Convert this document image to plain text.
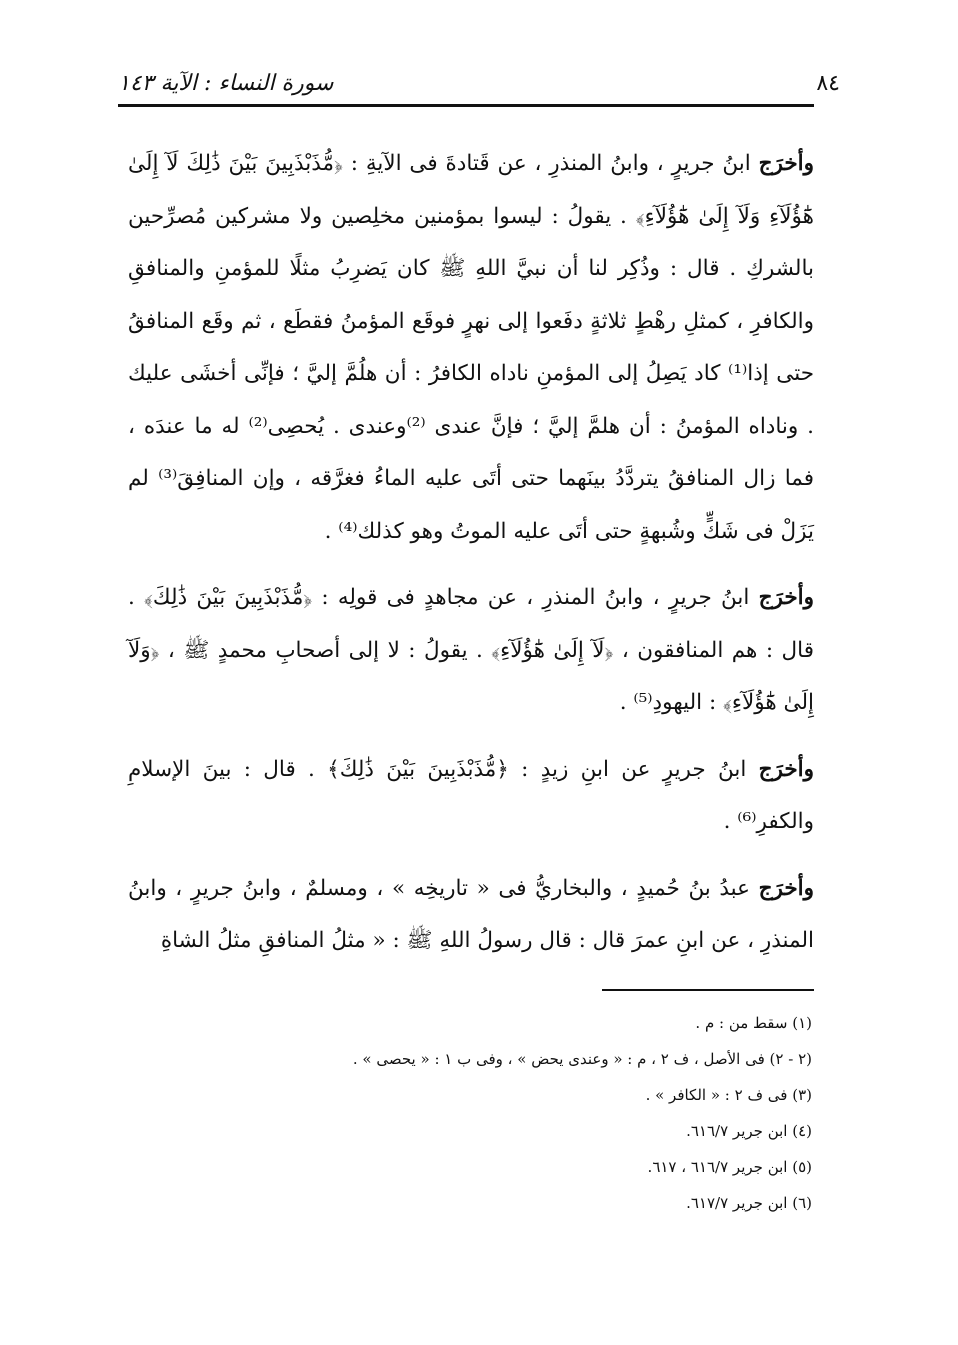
٨٤
سورة النساء : الآية ١٤٣

وأخرَج ابنُ جريرٍ ، وابنُ المنذرِ ، عن قَتادةَ فى الآيةِ : ﴿مُّذَبْذَبِينَ بَيْنَ ذَٰلِكَ لَآ إِلَىٰ هَٰٓؤُلَآءِ وَلَآ إِلَىٰ هَٰٓؤُلَآءِ﴾ . يقولُ : ليسوا بمؤمنين مخلِصين ولا مشركين مُصرِّحين بالشركِ . قال : وذُكِر لنا أن نبيَّ اللهِ ﷺ كان يَضرِبُ مثلًا للمؤمنِ والمنافقِ والكافرِ ، كمثلِ رهْطٍ ثلاثةٍ دفَعوا إلى نهرٍ فوقَع المؤمنُ فقطَع ، ثم وقَع المنافقُ حتى إذا⁽¹⁾ كاد يَصِلُ إلى المؤمنِ ناداه الكافرُ : أن هلُمَّ إليَّ ؛ فإنِّى أخشَى عليك . وناداه المؤمنُ : أن هلمَّ إليَّ ؛ فإنَّ عندى ⁽²⁾وعندى . يُحصِى⁽²⁾ له ما عندَه ، فما زال المنافقُ يتردَّدُ بينَهما حتى أتَى عليه الماءُ فغرَّقه ، وإن المنافِقَ⁽³⁾ لم يَزَلْ فى شَكٍّ وشُبهةٍ حتى أتَى عليه الموتُ وهو كذلك⁽⁴⁾ .

وأخرَج ابنُ جريرٍ ، وابنُ المنذرِ ، عن مجاهدٍ فى قولِه : ﴿مُّذَبْذَبِينَ بَيْنَ ذَٰلِكَ﴾ . قال : هم المنافقون ، ﴿لَآ إِلَىٰ هَٰٓؤُلَآءِ﴾ . يقولُ : لا إلى أصحابِ محمدٍ ﷺ ، ﴿وَلَآ إِلَىٰ هَٰٓؤُلَآءِ﴾ : اليهودِ⁽⁵⁾ .

وأخرَج ابنُ جريرٍ عن ابنِ زيدٍ : ﴿مُّذَبْذَبِينَ بَيْنَ ذَٰلِكَ﴾ . قال : بينَ الإسلامِ والكفرِ⁽⁶⁾ .

وأخرَج عبدُ بنُ حُميدٍ ، والبخاريُّ فى « تاريخِه » ، ومسلمٌ ، وابنُ جريرٍ ، وابنُ المنذرِ ، عن ابنِ عمرَ قال : قال رسولُ اللهِ ﷺ : « مثلُ المنافقِ مثلُ الشاةِ

(١) سقط من : م .
(٢ - ٢) فى الأصل ، ف ٢ ، م : « وعندى يحض » ، وفى ب ١ : « يحصى » .
(٣) فى ف ٢ : « الكافر » .
(٤) ابن جرير ٦١٦/٧.
(٥) ابن جرير ٦١٦/٧ ، ٦١٧.
(٦) ابن جرير ٦١٧/٧.
